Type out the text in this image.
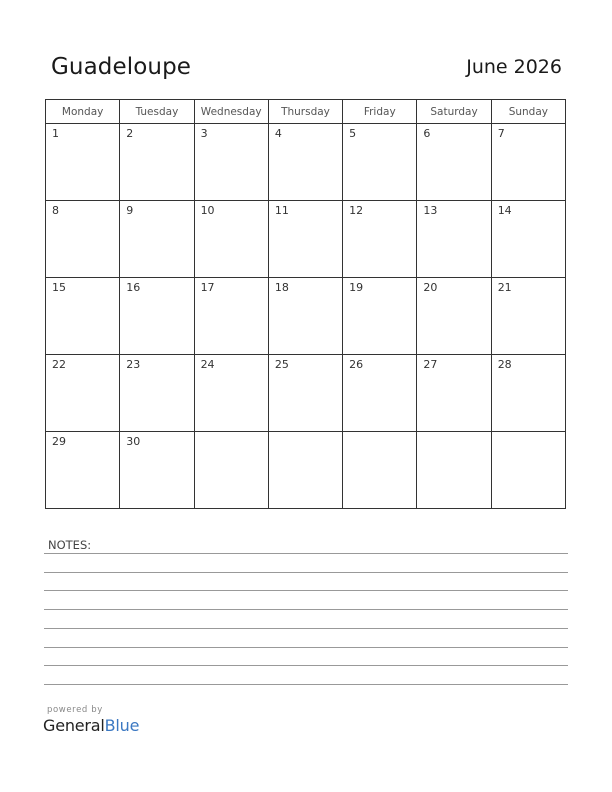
Guadeloupe	June 2026
Monday	Tuesday	Wednesday	Thursday	Friday	Saturday	Sunday

1	2	3	4	5	6	7

8	9	10	11	12	13	14

15	16	17	18	19	20	21

22	23	24	25	26	27	28

29	30					

NOTES:
powered by
GeneralBlue
